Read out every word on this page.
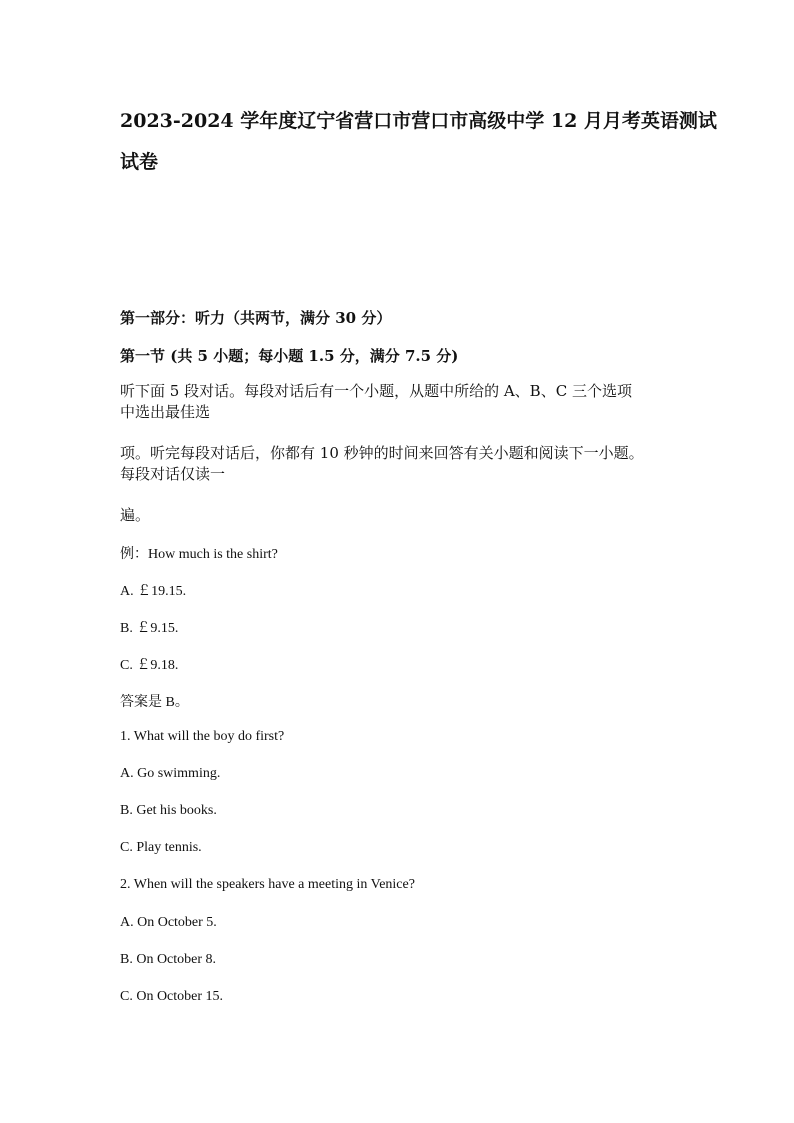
2023-2024 学年度辽宁省营口市营口市高级中学 12 月月考英语测试
试卷
第一部分：听力（共两节，满分 30 分）
第一节 (共 5 小题；每小题 1.5 分，满分 7.5 分)
听下面 5 段对话。每段对话后有一个小题，从题中所给的 A、B、C 三个选项
中选出最佳选
项。听完每段对话后，你都有 10 秒钟的时间来回答有关小题和阅读下一小题。
每段对话仅读一
遍。
例：How much is the shirt?
A. ￡19.15.
B. ￡9.15.
C. ￡9.18.
答案是 B。
1. What will the boy do first?
A. Go swimming.
B. Get his books.
C. Play tennis.
2. When will the speakers have a meeting in Venice?
A. On October 5.
B. On October 8.
C. On October 15.
